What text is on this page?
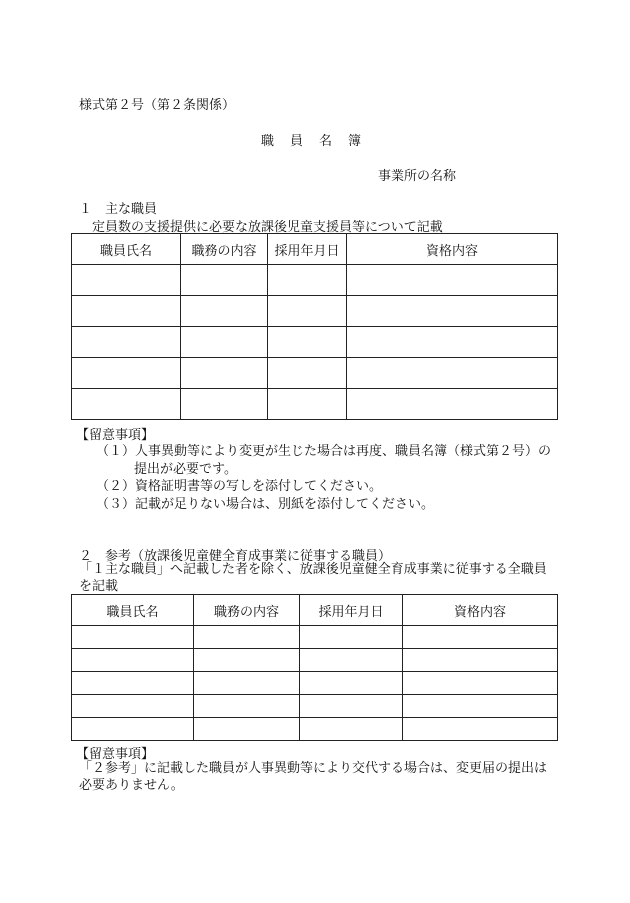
様式第２号（第２条関係）
職員名簿
事業所の名称
１　主な職員
定員数の支援提供に必要な放課後児童支援員等について記載
職員氏名	職務の内容	採用年月日	資格内容

【留意事項】
（１）人事異動等により変更が生じた場合は再度、職員名簿（様式第２号）の
提出が必要です。
（２）資格証明書等の写しを添付してください。
（３）記載が足りない場合は、別紙を添付してください。
２　参考（放課後児童健全育成事業に従事する職員）
「１主な職員」へ記載した者を除く、放課後児童健全育成事業に従事する全職員を記載
職員氏名	職務の内容	採用年月日	資格内容

【留意事項】
「２参考」に記載した職員が人事異動等により交代する場合は、変更届の提出は必要ありません。
